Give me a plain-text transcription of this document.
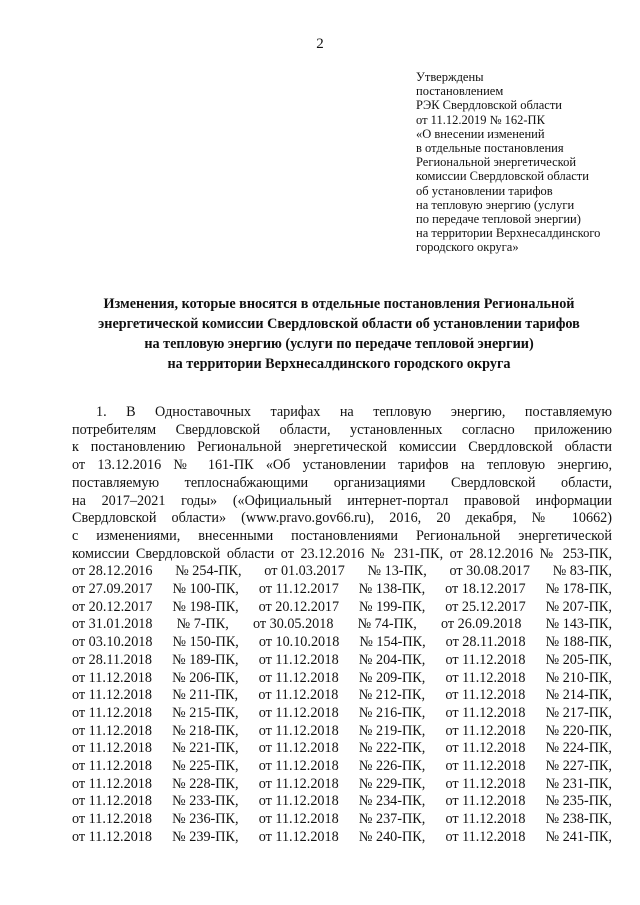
2
Утверждены
постановлением
РЭК Свердловской области
от 11.12.2019 № 162-ПК
«О внесении изменений
в отдельные постановления
Региональной энергетической
комиссии Свердловской области
об установлении тарифов
на тепловую энергию (услуги
по передаче тепловой энергии)
на территории Верхнесалдинского
городского округа»
Изменения, которые вносятся в отдельные постановления Региональной
энергетической комиссии Свердловской области об установлении тарифов
на тепловую энергию (услуги по передаче тепловой энергии)
на территории Верхнесалдинского городского округа
1. В Одноставочных тарифах на тепловую энергию, поставляемую
потребителям Свердловской области, установленных согласно приложению
к постановлению Региональной энергетической комиссии Свердловской области
от 13.12.2016 № 161-ПК «Об установлении тарифов на тепловую энергию,
поставляемую теплоснабжающими организациями Свердловской области,
на 2017–2021 годы» («Официальный интернет-портал правовой информации
Свердловской области» (www.pravo.gov66.ru), 2016, 20 декабря, № 10662)
с изменениями, внесенными постановлениями Региональной энергетической
комиссии Свердловской области от 23.12.2016 № 231-ПК, от 28.12.2016 № 253-ПК,
от 28.12.2016 № 254-ПК, от 01.03.2017 № 13-ПК, от 30.08.2017 № 83-ПК,
от 27.09.2017 № 100-ПК, от 11.12.2017 № 138-ПК, от 18.12.2017 № 178-ПК,
от 20.12.2017 № 198-ПК, от 20.12.2017 № 199-ПК, от 25.12.2017 № 207-ПК,
от 31.01.2018 № 7-ПК, от 30.05.2018 № 74-ПК, от 26.09.2018 № 143-ПК,
от 03.10.2018 № 150-ПК, от 10.10.2018 № 154-ПК, от 28.11.2018 № 188-ПК,
от 28.11.2018 № 189-ПК, от 11.12.2018 № 204-ПК, от 11.12.2018 № 205-ПК,
от 11.12.2018 № 206-ПК, от 11.12.2018 № 209-ПК, от 11.12.2018 № 210-ПК,
от 11.12.2018 № 211-ПК, от 11.12.2018 № 212-ПК, от 11.12.2018 № 214-ПК,
от 11.12.2018 № 215-ПК, от 11.12.2018 № 216-ПК, от 11.12.2018 № 217-ПК,
от 11.12.2018 № 218-ПК, от 11.12.2018 № 219-ПК, от 11.12.2018 № 220-ПК,
от 11.12.2018 № 221-ПК, от 11.12.2018 № 222-ПК, от 11.12.2018 № 224-ПК,
от 11.12.2018 № 225-ПК, от 11.12.2018 № 226-ПК, от 11.12.2018 № 227-ПК,
от 11.12.2018 № 228-ПК, от 11.12.2018 № 229-ПК, от 11.12.2018 № 231-ПК,
от 11.12.2018 № 233-ПК, от 11.12.2018 № 234-ПК, от 11.12.2018 № 235-ПК,
от 11.12.2018 № 236-ПК, от 11.12.2018 № 237-ПК, от 11.12.2018 № 238-ПК,
от 11.12.2018 № 239-ПК, от 11.12.2018 № 240-ПК, от 11.12.2018 № 241-ПК,
